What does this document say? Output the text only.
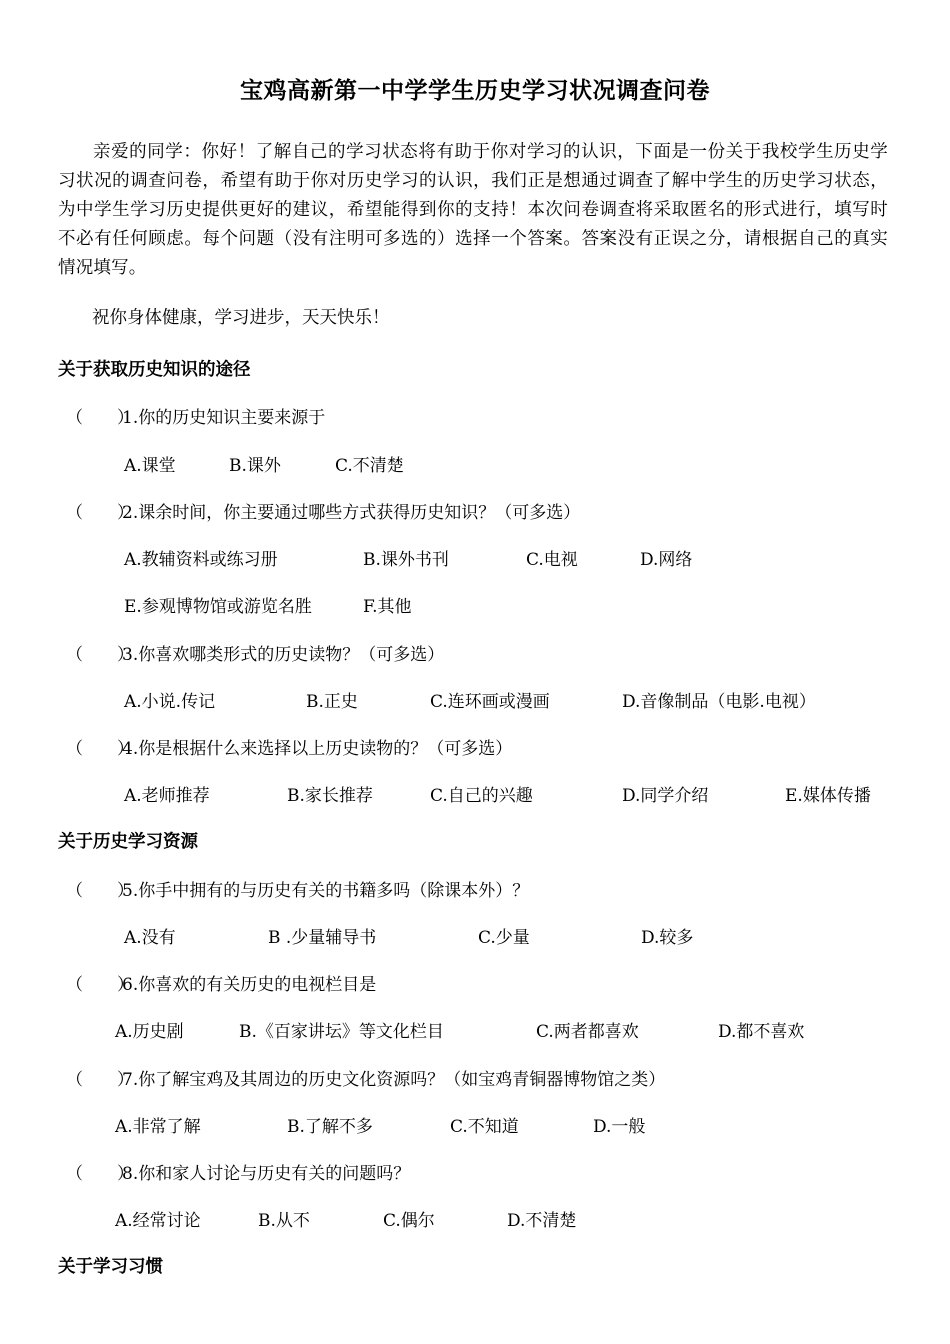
宝鸡高新第一中学学生历史学习状况调查问卷
亲爱的同学：你好！了解自己的学习状态将有助于你对学习的认识，下面是一份关于我校学生历史学习状况的调查问卷，希望有助于你对历史学习的认识，我们正是想通过调查了解中学生的历史学习状态，为中学生学习历史提供更好的建议，希望能得到你的支持！本次问卷调查将采取匿名的形式进行，填写时不必有任何顾虑。每个问题（没有注明可多选的）选择一个答案。答案没有正误之分，请根据自己的真实情况填写。
祝你身体健康，学习进步，天天快乐！
关于获取历史知识的途径
（　　）1.你的历史知识主要来源于
A.课堂	B.课外	C.不清楚
（　　）2.课余时间，你主要通过哪些方式获得历史知识？（可多选）
A.教辅资料或练习册	B.课外书刊	C.电视	D.网络
E.参观博物馆或游览名胜	F.其他
（　　）3.你喜欢哪类形式的历史读物？（可多选）
A.小说.传记	B.正史	C.连环画或漫画	D.音像制品（电影.电视）
（　　）4.你是根据什么来选择以上历史读物的？（可多选）
A.老师推荐	B.家长推荐	C.自己的兴趣	D.同学介绍	E.媒体传播
关于历史学习资源
（　　）5.你手中拥有的与历史有关的书籍多吗（除课本外）？
A.没有	B .少量辅导书	C.少量	D.较多
（　　）6.你喜欢的有关历史的电视栏目是
A.历史剧	B.《百家讲坛》等文化栏目	C.两者都喜欢	D.都不喜欢
（　　）7.你了解宝鸡及其周边的历史文化资源吗？（如宝鸡青铜器博物馆之类）
A.非常了解	B.了解不多	C.不知道	D.一般
（　　）8.你和家人讨论与历史有关的问题吗？
A.经常讨论	B.从不	C.偶尔	D.不清楚
关于学习习惯
